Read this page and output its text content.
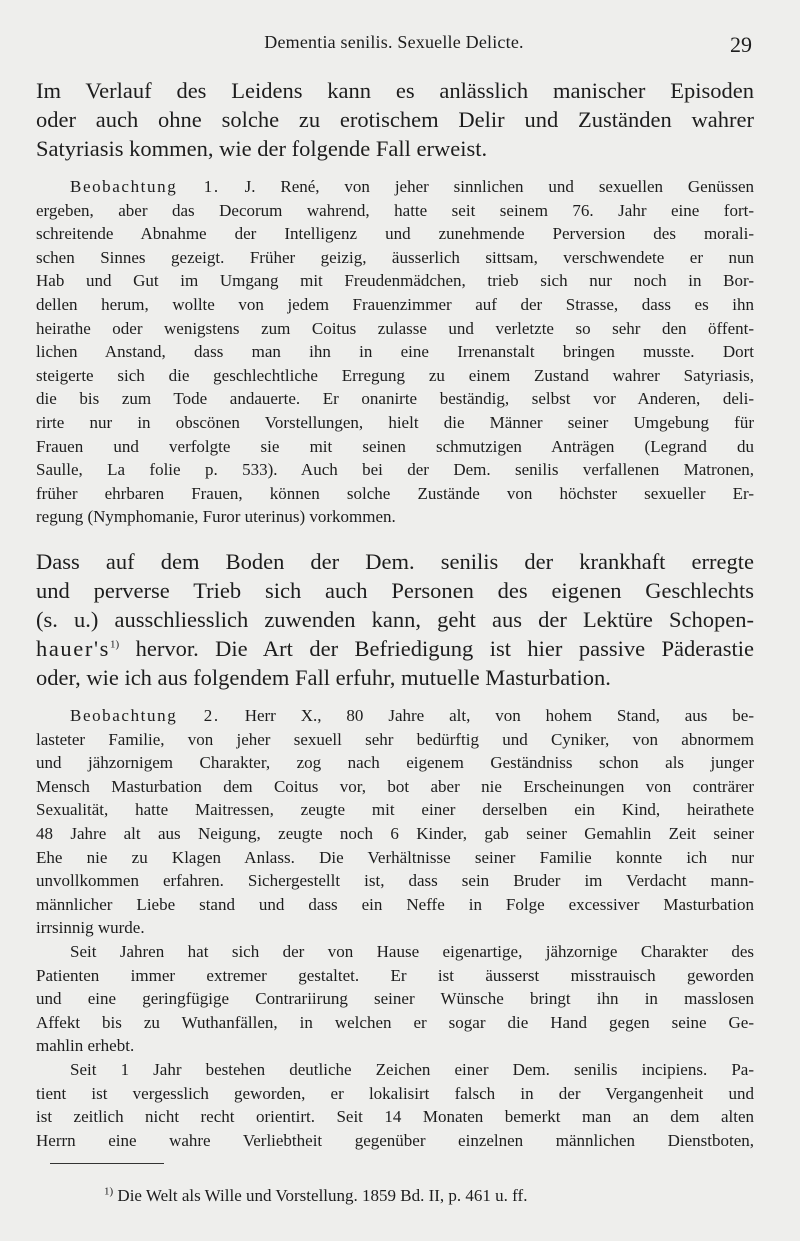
Dementia senilis. Sexuelle Delicte.	29
Im Verlauf des Leidens kann es anlässlich manischer Episoden
oder auch ohne solche zu erotischem Delir und Zuständen wahrer
Satyriasis kommen, wie der folgende Fall erweist.
Beobachtung 1. J. René, von jeher sinnlichen und sexuellen Genüssen
ergeben, aber das Decorum wahrend, hatte seit seinem 76. Jahr eine fort-
schreitende Abnahme der Intelligenz und zunehmende Perversion des morali-
schen Sinnes gezeigt. Früher geizig, äusserlich sittsam, verschwendete er nun
Hab und Gut im Umgang mit Freudenmädchen, trieb sich nur noch in Bor-
dellen herum, wollte von jedem Frauenzimmer auf der Strasse, dass es ihn
heirathe oder wenigstens zum Coitus zulasse und verletzte so sehr den öffent-
lichen Anstand, dass man ihn in eine Irrenanstalt bringen musste. Dort
steigerte sich die geschlechtliche Erregung zu einem Zustand wahrer Satyriasis,
die bis zum Tode andauerte. Er onanirte beständig, selbst vor Anderen, deli-
rirte nur in obscönen Vorstellungen, hielt die Männer seiner Umgebung für
Frauen und verfolgte sie mit seinen schmutzigen Anträgen (Legrand du
Saulle, La folie p. 533). Auch bei der Dem. senilis verfallenen Matronen,
früher ehrbaren Frauen, können solche Zustände von höchster sexueller Er-
regung (Nymphomanie, Furor uterinus) vorkommen.
Dass auf dem Boden der Dem. senilis der krankhaft erregte
und perverse Trieb sich auch Personen des eigenen Geschlechts
(s. u.) ausschliesslich zuwenden kann, geht aus der Lektüre Schopen-
$hauer's^{1)}$ hervor. Die Art der Befriedigung ist hier passive Päderastie
oder, wie ich aus folgendem Fall erfuhr, mutuelle Masturbation.
Beobachtung 2. Herr X., 80 Jahre alt, von hohem Stand, aus be-
lasteter Familie, von jeher sexuell sehr bedürftig und Cyniker, von abnormem
und jähzornigem Charakter, zog nach eigenem Geständniss schon als junger
Mensch Masturbation dem Coitus vor, bot aber nie Erscheinungen von conträrer
Sexualität, hatte Maitressen, zeugte mit einer derselben ein Kind, heirathete
48 Jahre alt aus Neigung, zeugte noch 6 Kinder, gab seiner Gemahlin Zeit seiner
Ehe nie zu Klagen Anlass. Die Verhältnisse seiner Familie konnte ich nur
unvollkommen erfahren. Sichergestellt ist, dass sein Bruder im Verdacht mann-
männlicher Liebe stand und dass ein Neffe in Folge excessiver Masturbation
irrsinnig wurde.
Seit Jahren hat sich der von Hause eigenartige, jähzornige Charakter des
Patienten immer extremer gestaltet. Er ist äusserst misstrauisch geworden
und eine geringfügige Contrariirung seiner Wünsche bringt ihn in masslosen
Affekt bis zu Wuthanfällen, in welchen er sogar die Hand gegen seine Ge-
mahlin erhebt.
Seit 1 Jahr bestehen deutliche Zeichen einer Dem. senilis incipiens. Pa-
tient ist vergesslich geworden, er lokalisirt falsch in der Vergangenheit und
ist zeitlich nicht recht orientirt. Seit 14 Monaten bemerkt man an dem alten
Herrn eine wahre Verliebtheit gegenüber einzelnen männlichen Dienstboten,
$^{1)}$ Die Welt als Wille und Vorstellung. 1859 Bd. II, p. 461 u. ff.
